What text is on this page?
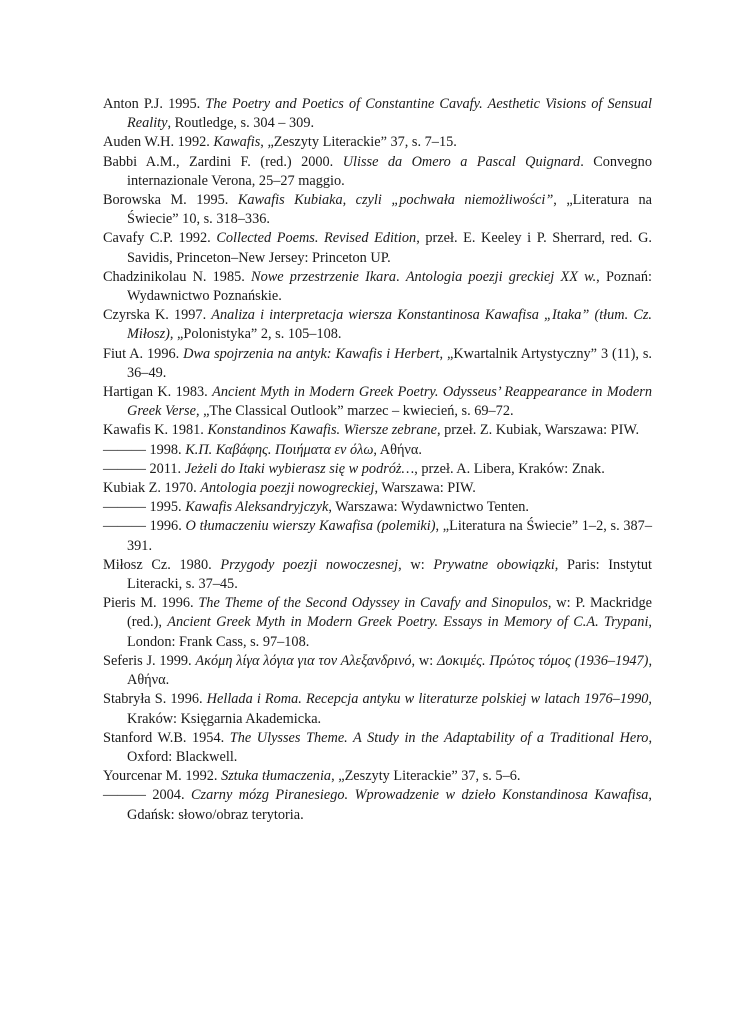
Anton P.J. 1995. The Poetry and Poetics of Constantine Cavafy. Aesthetic Visions of Sensual Reality, Routledge, s. 304 – 309.

Auden W.H. 1992. Kawafis, „Zeszyty Literackie” 37, s. 7–15.

Babbi A.M., Zardini F. (red.) 2000. Ulisse da Omero a Pascal Quignard. Convegno internazionale Verona, 25–27 maggio.

Borowska M. 1995. Kawafis Kubiaka, czyli „pochwała niemożliwości”, „Literatura na Świecie” 10, s. 318–336.

Cavafy C.P. 1992. Collected Poems. Revised Edition, przeł. E. Keeley i P. Sherrard, red. G. Savidis, Princeton–New Jersey: Princeton UP.

Chadzinikolau N. 1985. Nowe przestrzenie Ikara. Antologia poezji greckiej XX w., Poznań: Wydawnictwo Poznańskie.

Czyrska K. 1997. Analiza i interpretacja wiersza Konstantinosa Kawafisa „Itaka” (tłum. Cz. Miłosz), „Polonistyka” 2, s. 105–108.

Fiut A. 1996. Dwa spojrzenia na antyk: Kawafis i Herbert, „Kwartalnik Artystyczny” 3 (11), s. 36–49.

Hartigan K. 1983. Ancient Myth in Modern Greek Poetry. Odysseus’ Reappearance in Modern Greek Verse, „The Classical Outlook” marzec – kwiecień, s. 69–72.

Kawafis K. 1981. Konstandinos Kawafis. Wiersze zebrane, przeł. Z. Kubiak, Warszawa: PIW.

——— 1998. Κ.Π. Καβάφης. Ποιήματα εν όλω, Αθήνα.

——— 2011. Jeżeli do Itaki wybierasz się w podróż…, przeł. A. Libera, Kraków: Znak.

Kubiak Z. 1970. Antologia poezji nowogreckiej, Warszawa: PIW.

——— 1995. Kawafis Aleksandryjczyk, Warszawa: Wydawnictwo Tenten.

——— 1996. O tłumaczeniu wierszy Kawafisa (polemiki), „Literatura na Świecie” 1–2, s. 387–391.

Miłosz Cz. 1980. Przygody poezji nowoczesnej, w: Prywatne obowiązki, Paris: Instytut Literacki, s. 37–45.

Pieris M. 1996. The Theme of the Second Odyssey in Cavafy and Sinopulos, w: P. Mackridge (red.), Ancient Greek Myth in Modern Greek Poetry. Essays in Memory of C.A. Trypani, London: Frank Cass, s. 97–108.

Seferis J. 1999. Ακόμη λίγα λόγια για τον Αλεξανδρινό, w: Δοκιμές. Πρώτος τόμος (1936–1947), Αθήνα.

Stabryła S. 1996. Hellada i Roma. Recepcja antyku w literaturze polskiej w latach 1976–1990, Kraków: Księgarnia Akademicka.

Stanford W.B. 1954. The Ulysses Theme. A Study in the Adaptability of a Traditional Hero, Oxford: Blackwell.

Yourcenar M. 1992. Sztuka tłumaczenia, „Zeszyty Literackie” 37, s. 5–6.

——— 2004. Czarny mózg Piranesiego. Wprowadzenie w dzieło Konstandinosa Kawafisa, Gdańsk: słowo/obraz terytoria.
